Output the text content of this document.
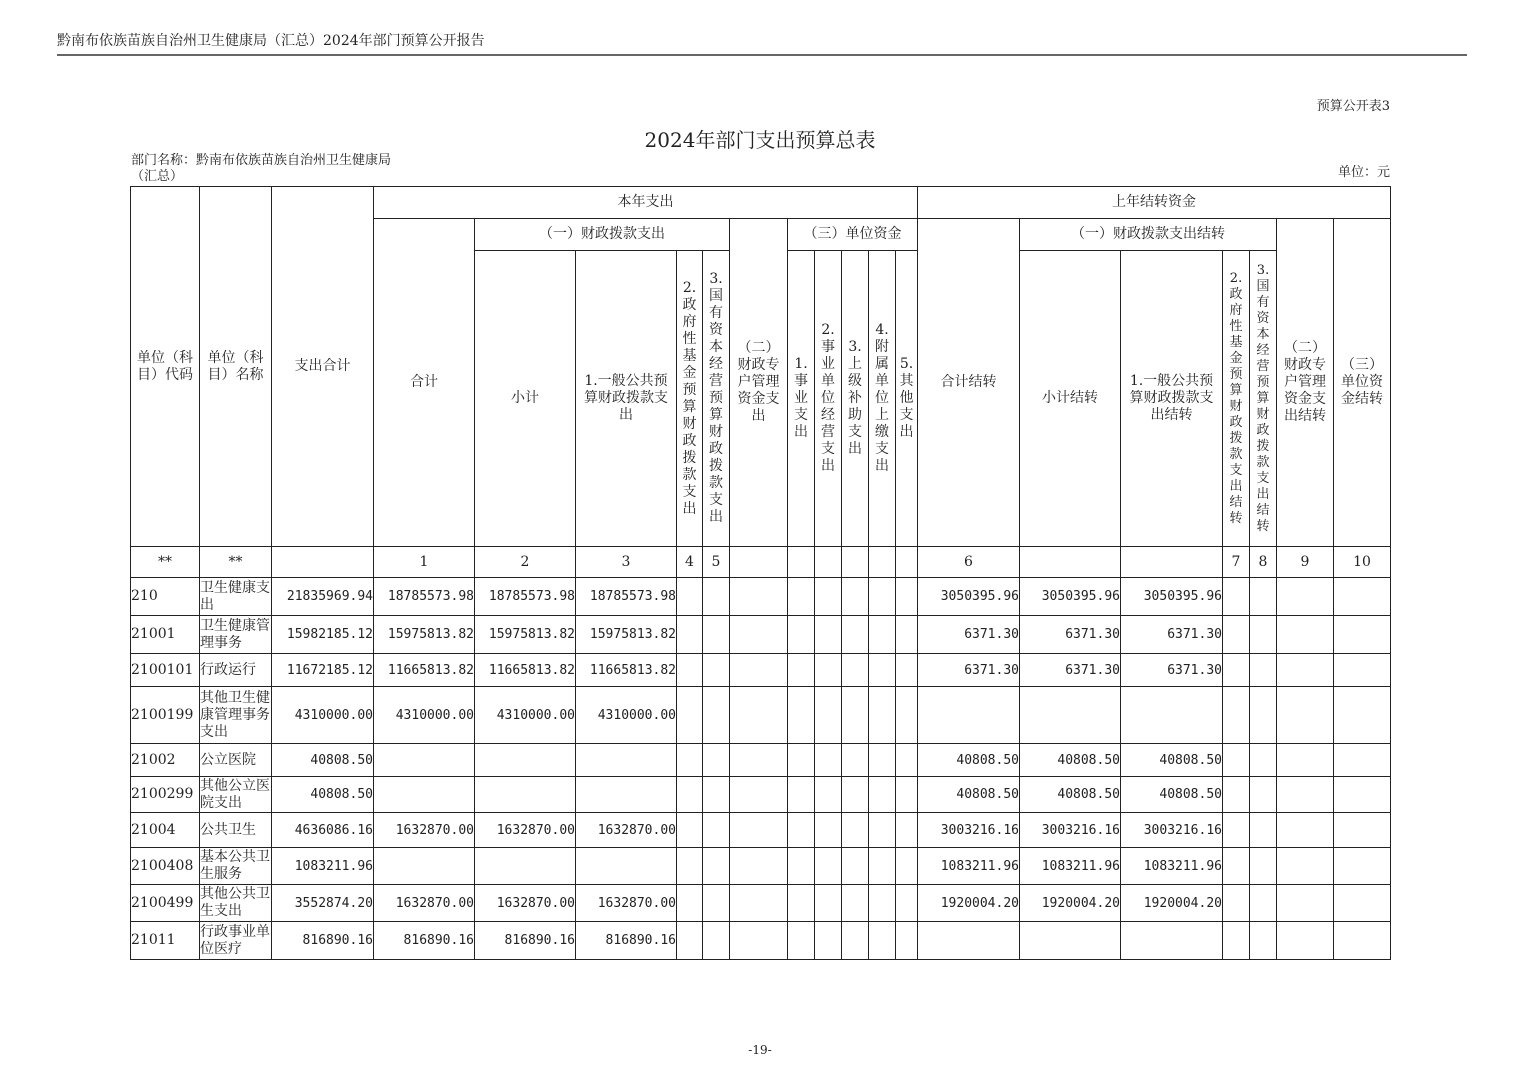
黔南布依族苗族自治州卫生健康局（汇总）2024年部门预算公开报告
预算公开表3
2024年部门支出预算总表
部门名称：黔南布依族苗族自治州卫生健康局（汇总）	单位：元
单位（科目）代码	单位（科目）名称	支出合计	本年支出											上年结转资金						
			合计	（一）财政拨款支出				（二）财政专户管理资金支出	（三）单位资金					合计结转	（一）财政拨款支出结转				（二）财政专户管理资金支出结转	（三）单位资金结转
				小计	1.一般公共预算财政拨款支出	2.政府性基金预算财政拨款支出	3.国有资本经营预算财政拨款支出		1.事业支出	2.事业单位经营支出	3.上级补助支出	4.附属单位上缴支出	5.其他支出		小计结转	1.一般公共预算财政拨款支出结转	2.政府性基金预算财政拨款支出结转	3.国有资本经营预算财政拨款支出结转		
**	**		1	2	3	4	5							6			7	8	9	10
210	卫生健康支出	21835969.94	18785573.98	18785573.98	18785573.98									3050395.96	3050395.96	3050395.96				
21001	卫生健康管理事务	15982185.12	15975813.82	15975813.82	15975813.82									6371.30	6371.30	6371.30				
2100101	行政运行	11672185.12	11665813.82	11665813.82	11665813.82									6371.30	6371.30	6371.30				
2100199	其他卫生健康管理事务支出	4310000.00	4310000.00	4310000.00	4310000.00															
21002	公立医院	40808.50												40808.50	40808.50	40808.50				
2100299	其他公立医院支出	40808.50												40808.50	40808.50	40808.50				
21004	公共卫生	4636086.16	1632870.00	1632870.00	1632870.00									3003216.16	3003216.16	3003216.16				
2100408	基本公共卫生服务	1083211.96												1083211.96	1083211.96	1083211.96				
2100499	其他公共卫生支出	3552874.20	1632870.00	1632870.00	1632870.00									1920004.20	1920004.20	1920004.20				
21011	行政事业单位医疗	816890.16	816890.16	816890.16	816890.16															
-19-
